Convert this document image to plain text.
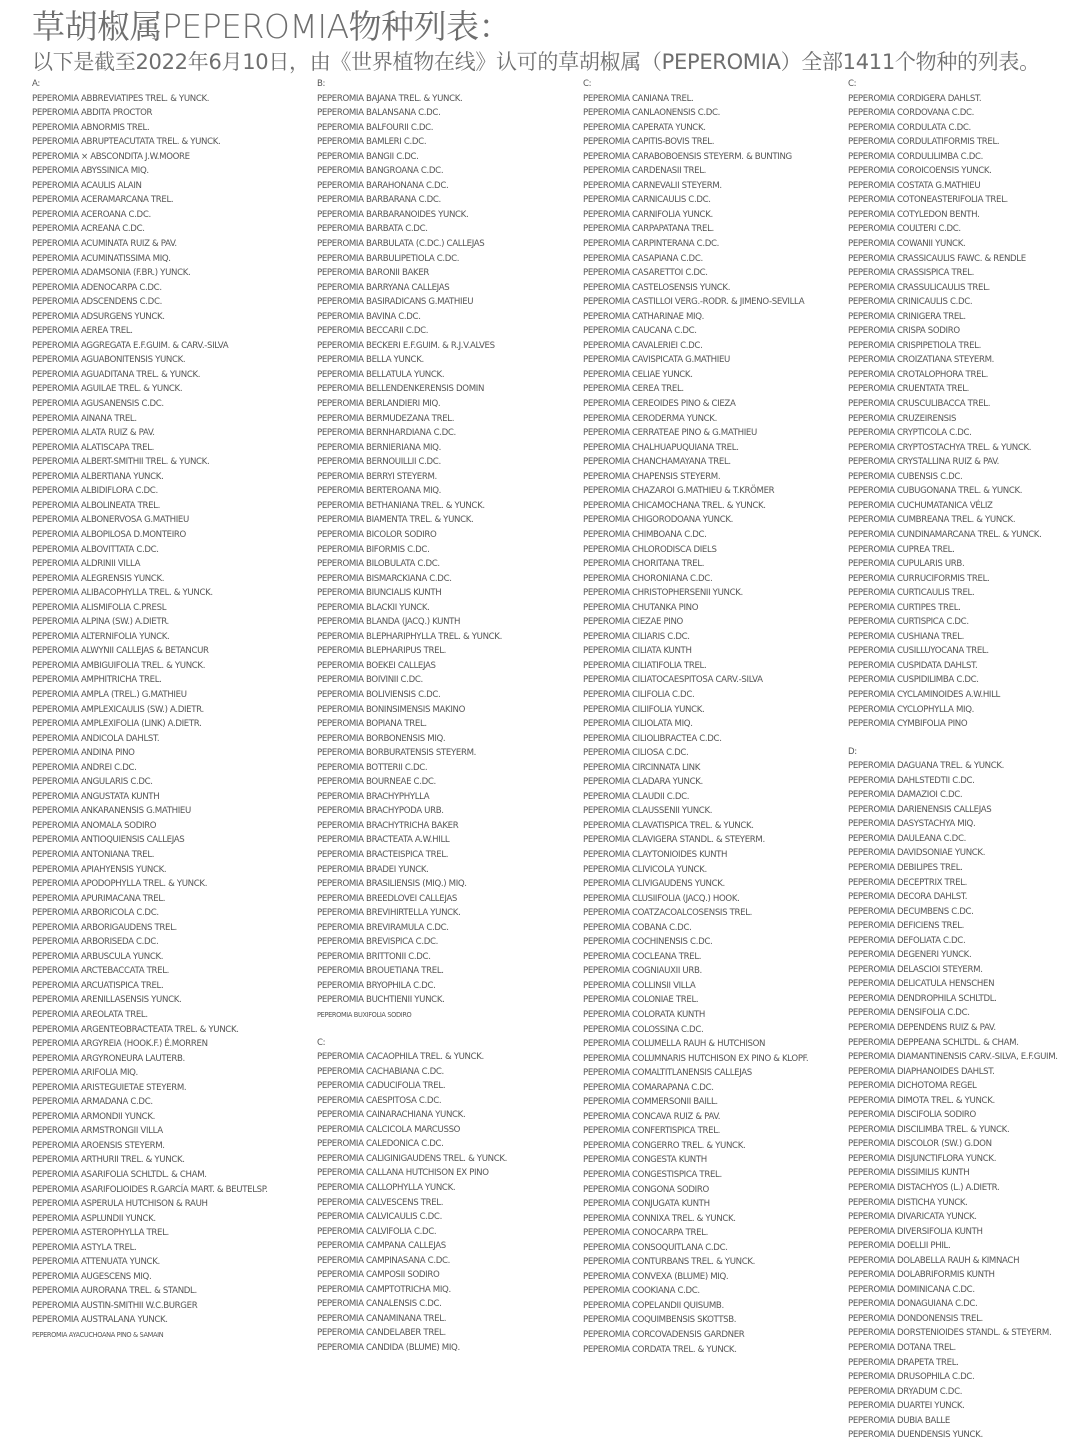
草胡椒属PEPEROMIA物种列表：
以下是截至2022年6月10日，由《世界植物在线》认可的草胡椒属（PEPEROMIA）全部1411个物种的列表。
A:
PEPEROMIA ABBREVIATIPES TREL. & YUNCK.
PEPEROMIA ABDITA PROCTOR
PEPEROMIA ABNORMIS TREL.
PEPEROMIA ABRUPTEACUTATA TREL. & YUNCK.
PEPEROMIA × ABSCONDITA J.W.MOORE
PEPEROMIA ABYSSINICA MIQ.
PEPEROMIA ACAULIS ALAIN
PEPEROMIA ACERAMARCANA TREL.
PEPEROMIA ACEROANA C.DC.
PEPEROMIA ACREANA C.DC.
PEPEROMIA ACUMINATA RUIZ & PAV.
PEPEROMIA ACUMINATISSIMA MIQ.
PEPEROMIA ADAMSONIA (F.BR.) YUNCK.
PEPEROMIA ADENOCARPA C.DC.
PEPEROMIA ADSCENDENS C.DC.
PEPEROMIA ADSURGENS YUNCK.
PEPEROMIA AEREA TREL.
PEPEROMIA AGGREGATA E.F.GUIM. & CARV.-SILVA
PEPEROMIA AGUABONITENSIS YUNCK.
PEPEROMIA AGUADITANA TREL. & YUNCK.
PEPEROMIA AGUILAE TREL. & YUNCK.
PEPEROMIA AGUSANENSIS C.DC.
PEPEROMIA AINANA TREL.
PEPEROMIA ALATA RUIZ & PAV.
PEPEROMIA ALATISCAPA TREL.
PEPEROMIA ALBERT-SMITHII TREL. & YUNCK.
PEPEROMIA ALBERTIANA YUNCK.
PEPEROMIA ALBIDIFLORA C.DC.
PEPEROMIA ALBOLINEATA TREL.
PEPEROMIA ALBONERVOSA G.MATHIEU
PEPEROMIA ALBOPILOSA D.MONTEIRO
PEPEROMIA ALBOVITTATA C.DC.
PEPEROMIA ALDRINII VILLA
PEPEROMIA ALEGRENSIS YUNCK.
PEPEROMIA ALIBACOPHYLLA TREL. & YUNCK.
PEPEROMIA ALISMIFOLIA C.PRESL
PEPEROMIA ALPINA (SW.) A.DIETR.
PEPEROMIA ALTERNIFOLIA YUNCK.
PEPEROMIA ALWYNII CALLEJAS & BETANCUR
PEPEROMIA AMBIGUIFOLIA TREL. & YUNCK.
PEPEROMIA AMPHITRICHA TREL.
PEPEROMIA AMPLA (TREL.) G.MATHIEU
PEPEROMIA AMPLEXICAULIS (SW.) A.DIETR.
PEPEROMIA AMPLEXIFOLIA (LINK) A.DIETR.
PEPEROMIA ANDICOLA DAHLST.
PEPEROMIA ANDINA PINO
PEPEROMIA ANDREI C.DC.
PEPEROMIA ANGULARIS C.DC.
PEPEROMIA ANGUSTATA KUNTH
PEPEROMIA ANKARANENSIS G.MATHIEU
PEPEROMIA ANOMALA SODIRO
PEPEROMIA ANTIOQUIENSIS CALLEJAS
PEPEROMIA ANTONIANA TREL.
PEPEROMIA APIAHYENSIS YUNCK.
PEPEROMIA APODOPHYLLA TREL. & YUNCK.
PEPEROMIA APURIMACANA TREL.
PEPEROMIA ARBORICOLA C.DC.
PEPEROMIA ARBORIGAUDENS TREL.
PEPEROMIA ARBORISEDA C.DC.
PEPEROMIA ARBUSCULA YUNCK.
PEPEROMIA ARCTEBACCATA TREL.
PEPEROMIA ARCUATISPICA TREL.
PEPEROMIA ARENILLASENSIS YUNCK.
PEPEROMIA AREOLATA TREL.
PEPEROMIA ARGENTEOBRACTEATA TREL. & YUNCK.
PEPEROMIA ARGYREIA (HOOK.F.) É.MORREN
PEPEROMIA ARGYRONEURA LAUTERB.
PEPEROMIA ARIFOLIA MIQ.
PEPEROMIA ARISTEGUIETAE STEYERM.
PEPEROMIA ARMADANA C.DC.
PEPEROMIA ARMONDII YUNCK.
PEPEROMIA ARMSTRONGII VILLA
PEPEROMIA AROENSIS STEYERM.
PEPEROMIA ARTHURII TREL. & YUNCK.
PEPEROMIA ASARIFOLIA SCHLTDL. & CHAM.
PEPEROMIA ASARIFOLIOIDES R.GARCÍA MART. & BEUTELSP.
PEPEROMIA ASPERULA HUTCHISON & RAUH
PEPEROMIA ASPLUNDII YUNCK.
PEPEROMIA ASTEROPHYLLA TREL.
PEPEROMIA ASTYLA TREL.
PEPEROMIA ATTENUATA YUNCK.
PEPEROMIA AUGESCENS MIQ.
PEPEROMIA AURORANA TREL. & STANDL.
PEPEROMIA AUSTIN-SMITHII W.C.BURGER
PEPEROMIA AUSTRALANA YUNCK.
PEPEROMIA AYACUCHOANA PINO & SAMAIN
B:
PEPEROMIA BAJANA TREL. & YUNCK.
PEPEROMIA BALANSANA C.DC.
PEPEROMIA BALFOURII C.DC.
PEPEROMIA BAMLERI C.DC.
PEPEROMIA BANGII C.DC.
PEPEROMIA BANGROANA C.DC.
PEPEROMIA BARAHONANA C.DC.
PEPEROMIA BARBARANA C.DC.
PEPEROMIA BARBARANOIDES YUNCK.
PEPEROMIA BARBATA C.DC.
PEPEROMIA BARBULATA (C.DC.) CALLEJAS
PEPEROMIA BARBULIPETIOLA C.DC.
PEPEROMIA BARONII BAKER
PEPEROMIA BARRYANA CALLEJAS
PEPEROMIA BASIRADICANS G.MATHIEU
PEPEROMIA BAVINA C.DC.
PEPEROMIA BECCARII C.DC.
PEPEROMIA BECKERI E.F.GUIM. & R.J.V.ALVES
PEPEROMIA BELLA YUNCK.
PEPEROMIA BELLATULA YUNCK.
PEPEROMIA BELLENDENKERENSIS DOMIN
PEPEROMIA BERLANDIERI MIQ.
PEPEROMIA BERMUDEZANA TREL.
PEPEROMIA BERNHARDIANA C.DC.
PEPEROMIA BERNIERIANA MIQ.
PEPEROMIA BERNOUILLII C.DC.
PEPEROMIA BERRYI STEYERM.
PEPEROMIA BERTEROANA MIQ.
PEPEROMIA BETHANIANA TREL. & YUNCK.
PEPEROMIA BIAMENTA TREL. & YUNCK.
PEPEROMIA BICOLOR SODIRO
PEPEROMIA BIFORMIS C.DC.
PEPEROMIA BILOBULATA C.DC.
PEPEROMIA BISMARCKIANA C.DC.
PEPEROMIA BIUNCIALIS KUNTH
PEPEROMIA BLACKII YUNCK.
PEPEROMIA BLANDA (JACQ.) KUNTH
PEPEROMIA BLEPHARIPHYLLA TREL. & YUNCK.
PEPEROMIA BLEPHARIPUS TREL.
PEPEROMIA BOEKEI CALLEJAS
PEPEROMIA BOIVINII C.DC.
PEPEROMIA BOLIVIENSIS C.DC.
PEPEROMIA BONINSIMENSIS MAKINO
PEPEROMIA BOPIANA TREL.
PEPEROMIA BORBONENSIS MIQ.
PEPEROMIA BORBURATENSIS STEYERM.
PEPEROMIA BOTTERII C.DC.
PEPEROMIA BOURNEAE C.DC.
PEPEROMIA BRACHYPHYLLA
PEPEROMIA BRACHYPODA URB.
PEPEROMIA BRACHYTRICHA BAKER
PEPEROMIA BRACTEATA A.W.HILL
PEPEROMIA BRACTEISPICA TREL.
PEPEROMIA BRADEI YUNCK.
PEPEROMIA BRASILIENSIS (MIQ.) MIQ.
PEPEROMIA BREEDLOVEI CALLEJAS
PEPEROMIA BREVIHIRTELLA YUNCK.
PEPEROMIA BREVIRAMULA C.DC.
PEPEROMIA BREVISPICA C.DC.
PEPEROMIA BRITTONII C.DC.
PEPEROMIA BROUETIANA TREL.
PEPEROMIA BRYOPHILA C.DC.
PEPEROMIA BUCHTIENII YUNCK.
PEPEROMIA BUXIFOLIA SODIRO
C:
PEPEROMIA CACAOPHILA TREL. & YUNCK.
PEPEROMIA CACHABIANA C.DC.
PEPEROMIA CADUCIFOLIA TREL.
PEPEROMIA CAESPITOSA C.DC.
PEPEROMIA CAINARACHIANA YUNCK.
PEPEROMIA CALCICOLA MARCUSSO
PEPEROMIA CALEDONICA C.DC.
PEPEROMIA CALIGINIGAUDENS TREL. & YUNCK.
PEPEROMIA CALLANA HUTCHISON EX PINO
PEPEROMIA CALLOPHYLLA YUNCK.
PEPEROMIA CALVESCENS TREL.
PEPEROMIA CALVICAULIS C.DC.
PEPEROMIA CALVIFOLIA C.DC.
PEPEROMIA CAMPANA CALLEJAS
PEPEROMIA CAMPINASANA C.DC.
PEPEROMIA CAMPOSII SODIRO
PEPEROMIA CAMPTOTRICHA MIQ.
PEPEROMIA CANALENSIS C.DC.
PEPEROMIA CANAMINANA TREL.
PEPEROMIA CANDELABER TREL.
PEPEROMIA CANDIDA (BLUME) MIQ.
C:
PEPEROMIA CANIANA TREL.
PEPEROMIA CANLAONENSIS C.DC.
PEPEROMIA CAPERATA YUNCK.
PEPEROMIA CAPITIS-BOVIS TREL.
PEPEROMIA CARABOBOENSIS STEYERM. & BUNTING
PEPEROMIA CARDENASII TREL.
PEPEROMIA CARNEVALII STEYERM.
PEPEROMIA CARNICAULIS C.DC.
PEPEROMIA CARNIFOLIA YUNCK.
PEPEROMIA CARPAPATANA TREL.
PEPEROMIA CARPINTERANA C.DC.
PEPEROMIA CASAPIANA C.DC.
PEPEROMIA CASARETTOI C.DC.
PEPEROMIA CASTELOSENSIS YUNCK.
PEPEROMIA CASTILLOI VERG.-RODR. & JIMENO-SEVILLA
PEPEROMIA CATHARINAE MIQ.
PEPEROMIA CAUCANA C.DC.
PEPEROMIA CAVALERIEI C.DC.
PEPEROMIA CAVISPICATA G.MATHIEU
PEPEROMIA CELIAE YUNCK.
PEPEROMIA CEREA TREL.
PEPEROMIA CEREOIDES PINO & CIEZA
PEPEROMIA CERODERMA YUNCK.
PEPEROMIA CERRATEAE PINO & G.MATHIEU
PEPEROMIA CHALHUAPUQUIANA TREL.
PEPEROMIA CHANCHAMAYANA TREL.
PEPEROMIA CHAPENSIS STEYERM.
PEPEROMIA CHAZAROI G.MATHIEU & T.KRÖMER
PEPEROMIA CHICAMOCHANA TREL. & YUNCK.
PEPEROMIA CHIGORODOANA YUNCK.
PEPEROMIA CHIMBOANA C.DC.
PEPEROMIA CHLORODISCA DIELS
PEPEROMIA CHORITANA TREL.
PEPEROMIA CHORONIANA C.DC.
PEPEROMIA CHRISTOPHERSENII YUNCK.
PEPEROMIA CHUTANKA PINO
PEPEROMIA CIEZAE PINO
PEPEROMIA CILIARIS C.DC.
PEPEROMIA CILIATA KUNTH
PEPEROMIA CILIATIFOLIA TREL.
PEPEROMIA CILIATOCAESPITOSA CARV.-SILVA
PEPEROMIA CILIFOLIA C.DC.
PEPEROMIA CILIIFOLIA YUNCK.
PEPEROMIA CILIOLATA MIQ.
PEPEROMIA CILIOLIBRACTEA C.DC.
PEPEROMIA CILIOSA C.DC.
PEPEROMIA CIRCINNATA LINK
PEPEROMIA CLADARA YUNCK.
PEPEROMIA CLAUDII C.DC.
PEPEROMIA CLAUSSENII YUNCK.
PEPEROMIA CLAVATISPICA TREL. & YUNCK.
PEPEROMIA CLAVIGERA STANDL. & STEYERM.
PEPEROMIA CLAYTONIOIDES KUNTH
PEPEROMIA CLIVICOLA YUNCK.
PEPEROMIA CLIVIGAUDENS YUNCK.
PEPEROMIA CLUSIIFOLIA (JACQ.) HOOK.
PEPEROMIA COATZACOALCOSENSIS TREL.
PEPEROMIA COBANA C.DC.
PEPEROMIA COCHINENSIS C.DC.
PEPEROMIA COCLEANA TREL.
PEPEROMIA COGNIAUXII URB.
PEPEROMIA COLLINSII VILLA
PEPEROMIA COLONIAE TREL.
PEPEROMIA COLORATA KUNTH
PEPEROMIA COLOSSINA C.DC.
PEPEROMIA COLUMELLA RAUH & HUTCHISON
PEPEROMIA COLUMNARIS HUTCHISON EX PINO & KLOPF.
PEPEROMIA COMALTITLANENSIS CALLEJAS
PEPEROMIA COMARAPANA C.DC.
PEPEROMIA COMMERSONII BAILL.
PEPEROMIA CONCAVA RUIZ & PAV.
PEPEROMIA CONFERTISPICA TREL.
PEPEROMIA CONGERRO TREL. & YUNCK.
PEPEROMIA CONGESTA KUNTH
PEPEROMIA CONGESTISPICA TREL.
PEPEROMIA CONGONA SODIRO
PEPEROMIA CONJUGATA KUNTH
PEPEROMIA CONNIXA TREL. & YUNCK.
PEPEROMIA CONOCARPA TREL.
PEPEROMIA CONSOQUITLANA C.DC.
PEPEROMIA CONTURBANS TREL. & YUNCK.
PEPEROMIA CONVEXA (BLUME) MIQ.
PEPEROMIA COOKIANA C.DC.
PEPEROMIA COPELANDII QUISUMB.
PEPEROMIA COQUIMBENSIS SKOTTSB.
PEPEROMIA CORCOVADENSIS GARDNER
PEPEROMIA CORDATA TREL. & YUNCK.
C:
PEPEROMIA CORDIGERA DAHLST.
PEPEROMIA CORDOVANA C.DC.
PEPEROMIA CORDULATA C.DC.
PEPEROMIA CORDULATIFORMIS TREL.
PEPEROMIA CORDULILIMBA C.DC.
PEPEROMIA COROICOENSIS YUNCK.
PEPEROMIA COSTATA G.MATHIEU
PEPEROMIA COTONEASTERIFOLIA TREL.
PEPEROMIA COTYLEDON BENTH.
PEPEROMIA COULTERI C.DC.
PEPEROMIA COWANII YUNCK.
PEPEROMIA CRASSICAULIS FAWC. & RENDLE
PEPEROMIA CRASSISPICA TREL.
PEPEROMIA CRASSULICAULIS TREL.
PEPEROMIA CRINICAULIS C.DC.
PEPEROMIA CRINIGERA TREL.
PEPEROMIA CRISPA SODIRO
PEPEROMIA CRISPIPETIOLA TREL.
PEPEROMIA CROIZATIANA STEYERM.
PEPEROMIA CROTALOPHORA TREL.
PEPEROMIA CRUENTATA TREL.
PEPEROMIA CRUSCULIBACCA TREL.
PEPEROMIA CRUZEIRENSIS
PEPEROMIA CRYPTICOLA C.DC.
PEPEROMIA CRYPTOSTACHYA TREL. & YUNCK.
PEPEROMIA CRYSTALLINA RUIZ & PAV.
PEPEROMIA CUBENSIS C.DC.
PEPEROMIA CUBUGONANA TREL. & YUNCK.
PEPEROMIA CUCHUMATANICA VÉLIZ
PEPEROMIA CUMBREANA TREL. & YUNCK.
PEPEROMIA CUNDINAMARCANA TREL. & YUNCK.
PEPEROMIA CUPREA TREL.
PEPEROMIA CUPULARIS URB.
PEPEROMIA CURRUCIFORMIS TREL.
PEPEROMIA CURTICAULIS TREL.
PEPEROMIA CURTIPES TREL.
PEPEROMIA CURTISPICA C.DC.
PEPEROMIA CUSHIANA TREL.
PEPEROMIA CUSILLUYOCANA TREL.
PEPEROMIA CUSPIDATA DAHLST.
PEPEROMIA CUSPIDILIMBA C.DC.
PEPEROMIA CYCLAMINOIDES A.W.HILL
PEPEROMIA CYCLOPHYLLA MIQ.
PEPEROMIA CYMBIFOLIA PINO
D:
PEPEROMIA DAGUANA TREL. & YUNCK.
PEPEROMIA DAHLSTEDTII C.DC.
PEPEROMIA DAMAZIOI C.DC.
PEPEROMIA DARIENENSIS CALLEJAS
PEPEROMIA DASYSTACHYA MIQ.
PEPEROMIA DAULEANA C.DC.
PEPEROMIA DAVIDSONIAE YUNCK.
PEPEROMIA DEBILIPES TREL.
PEPEROMIA DECEPTRIX TREL.
PEPEROMIA DECORA DAHLST.
PEPEROMIA DECUMBENS C.DC.
PEPEROMIA DEFICIENS TREL.
PEPEROMIA DEFOLIATA C.DC.
PEPEROMIA DEGENERI YUNCK.
PEPEROMIA DELASCIOI STEYERM.
PEPEROMIA DELICATULA HENSCHEN
PEPEROMIA DENDROPHILA SCHLTDL.
PEPEROMIA DENSIFOLIA C.DC.
PEPEROMIA DEPENDENS RUIZ & PAV.
PEPEROMIA DEPPEANA SCHLTDL. & CHAM.
PEPEROMIA DIAMANTINENSIS CARV.-SILVA, E.F.GUIM.
PEPEROMIA DIAPHANOIDES DAHLST.
PEPEROMIA DICHOTOMA REGEL
PEPEROMIA DIMOTA TREL. & YUNCK.
PEPEROMIA DISCIFOLIA SODIRO
PEPEROMIA DISCILIMBA TREL. & YUNCK.
PEPEROMIA DISCOLOR (SW.) G.DON
PEPEROMIA DISJUNCTIFLORA YUNCK.
PEPEROMIA DISSIMILIS KUNTH
PEPEROMIA DISTACHYOS (L.) A.DIETR.
PEPEROMIA DISTICHA YUNCK.
PEPEROMIA DIVARICATA YUNCK.
PEPEROMIA DIVERSIFOLIA KUNTH
PEPEROMIA DOELLII PHIL.
PEPEROMIA DOLABELLA RAUH & KIMNACH
PEPEROMIA DOLABRIFORMIS KUNTH
PEPEROMIA DOMINICANA C.DC.
PEPEROMIA DONAGUIANA C.DC.
PEPEROMIA DONDONENSIS TREL.
PEPEROMIA DORSTENIOIDES STANDL. & STEYERM.
PEPEROMIA DOTANA TREL.
PEPEROMIA DRAPETA TREL.
PEPEROMIA DRUSOPHILA C.DC.
PEPEROMIA DRYADUM C.DC.
PEPEROMIA DUARTEI YUNCK.
PEPEROMIA DUBIA BALLE
PEPEROMIA DUENDENSIS YUNCK.
